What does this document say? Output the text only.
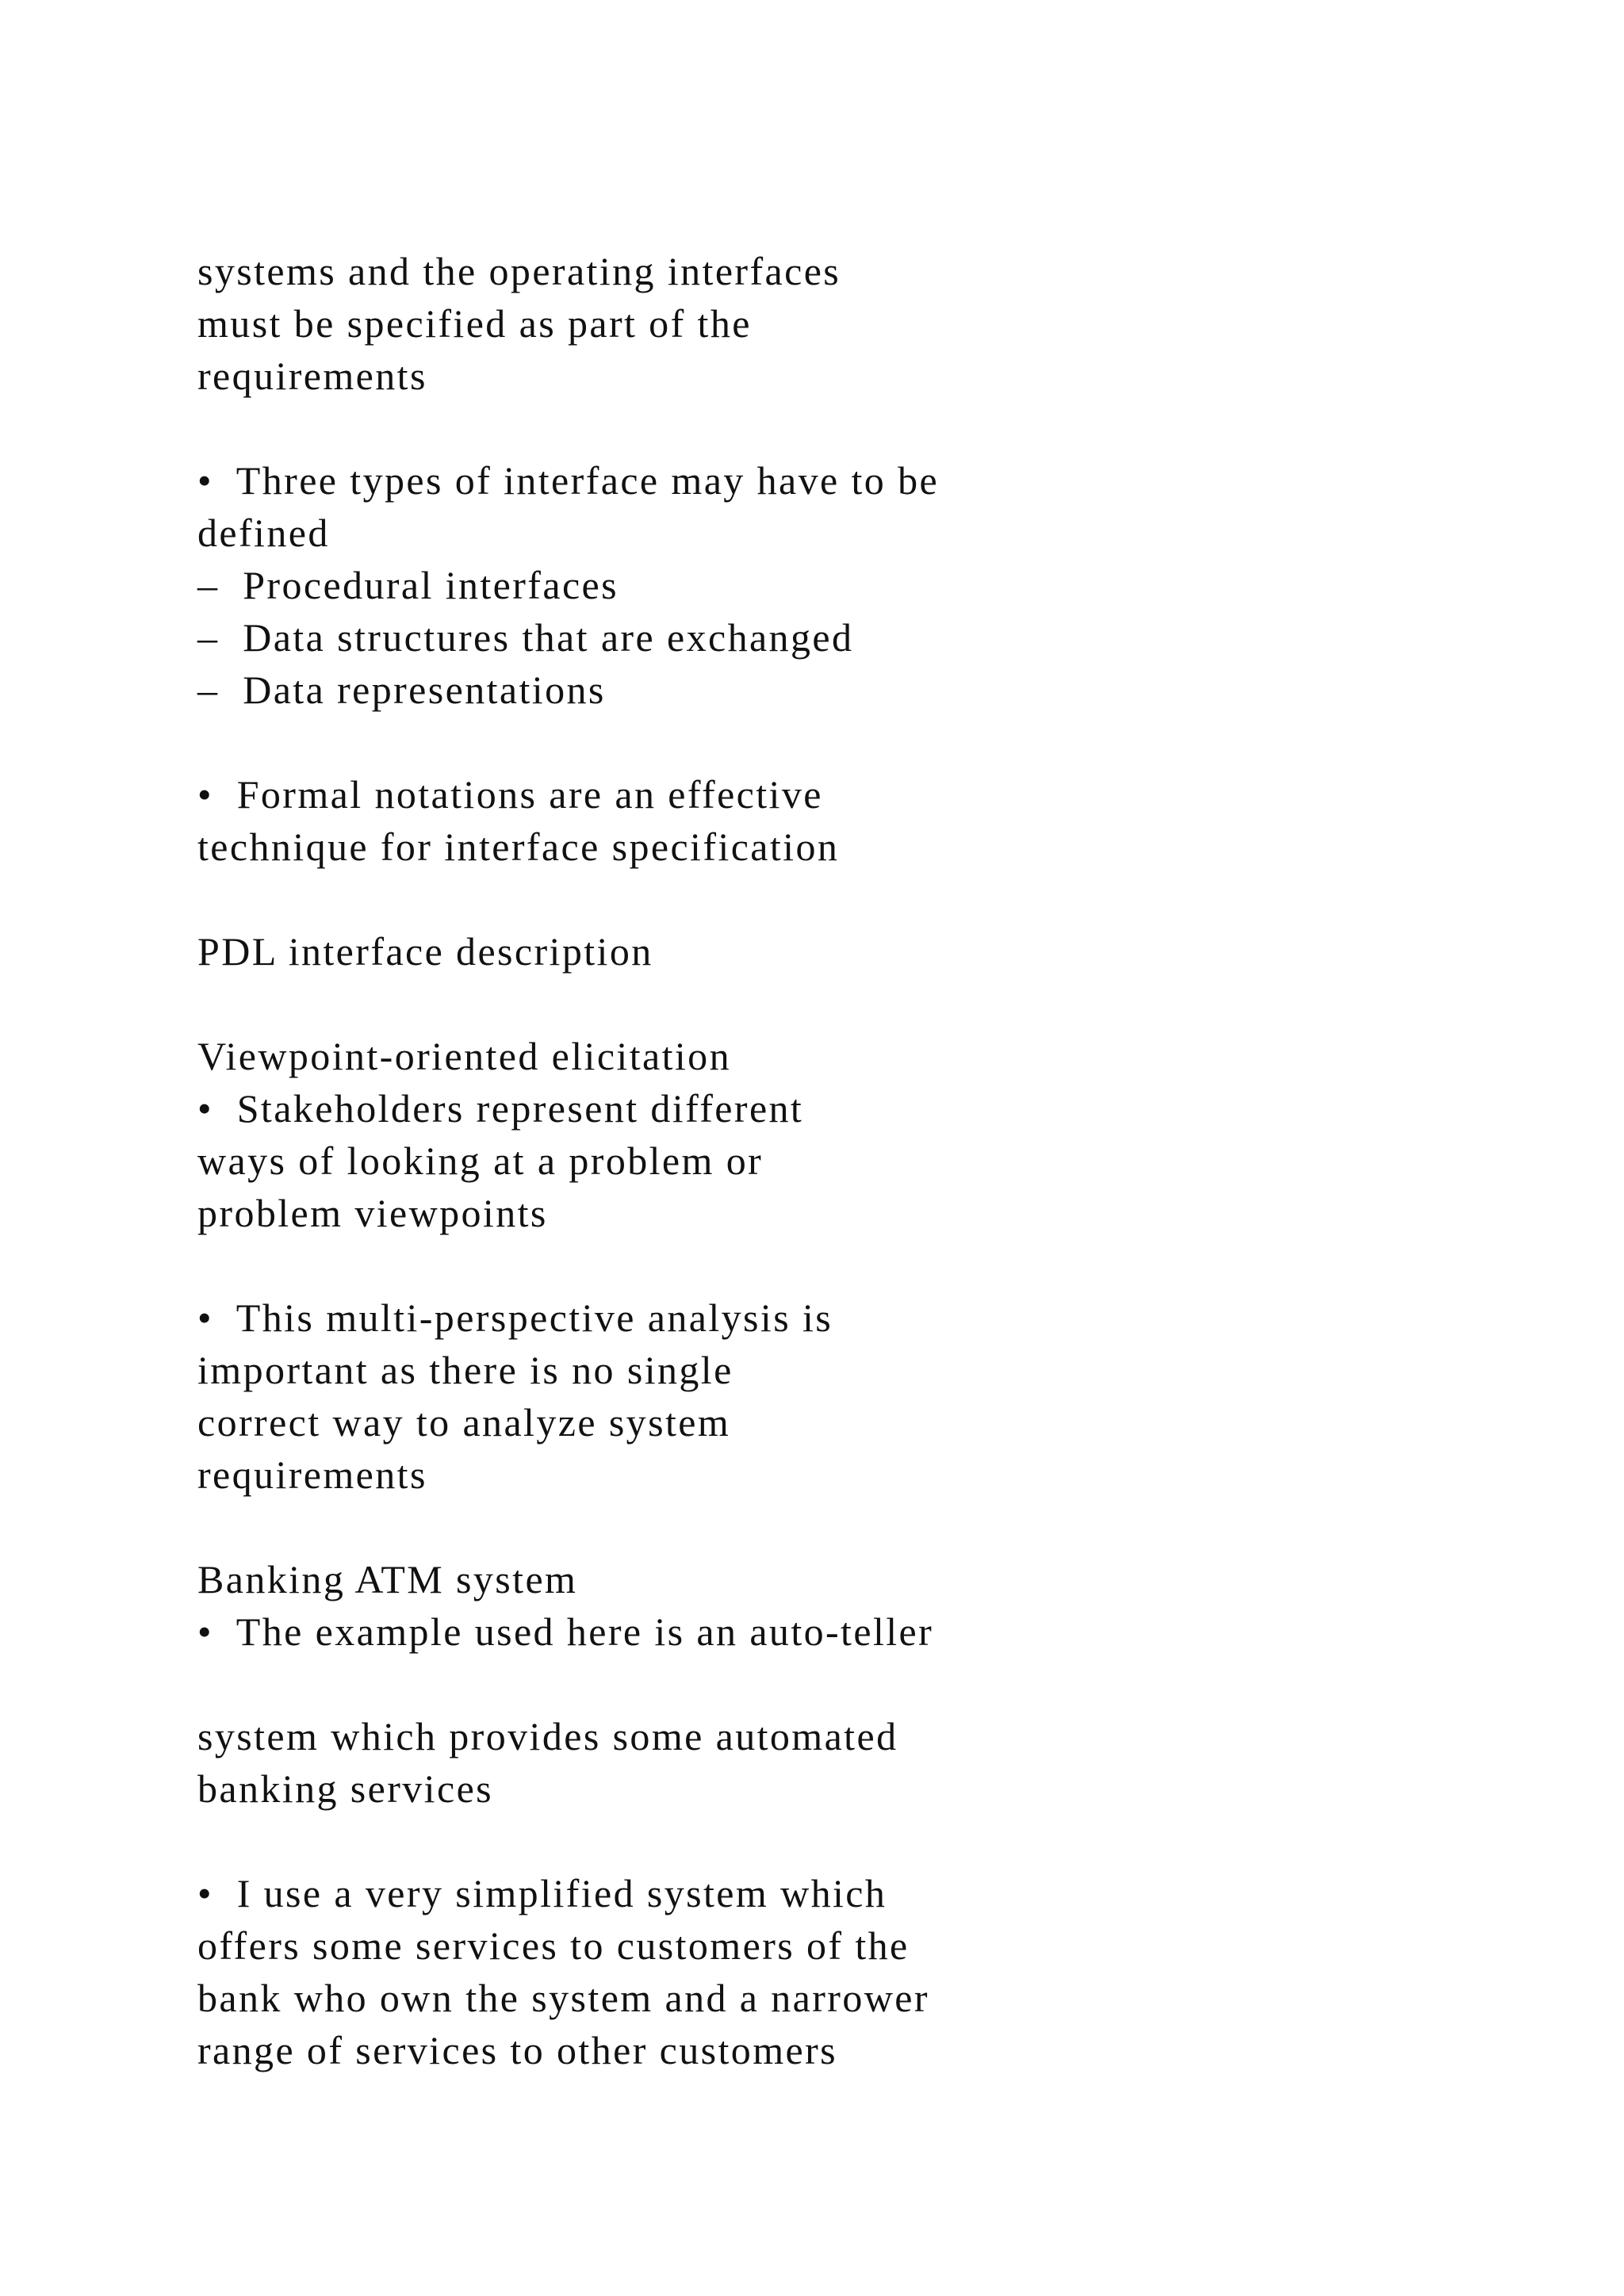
systems and the operating interfaces
must be specified as part of the
requirements
•  Three types of interface may have to be
defined
–  Procedural interfaces
–  Data structures that are exchanged
–  Data representations
•  Formal notations are an effective
technique for interface specification
PDL interface description
Viewpoint-oriented elicitation
•  Stakeholders represent different
ways of looking at a problem or
problem viewpoints
•  This multi-perspective analysis is
important as there is no single
correct way to analyze system
requirements
Banking ATM system
•  The example used here is an auto-teller
system which provides some automated
banking services
•  I use a very simplified system which
offers some services to customers of the
bank who own the system and a narrower
range of services to other customers
